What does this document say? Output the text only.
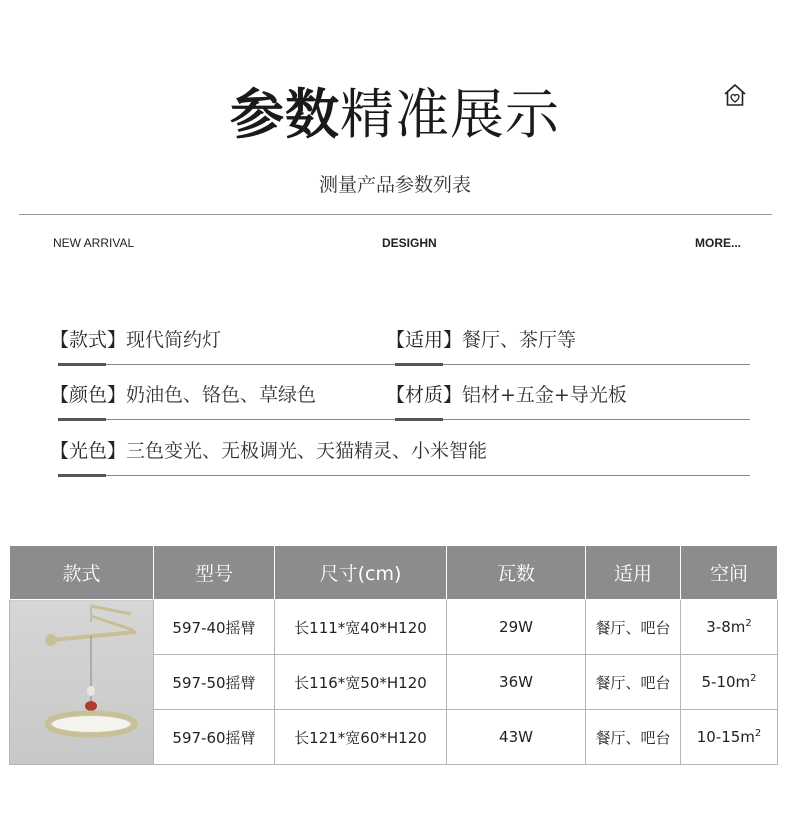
参数精准展示
测量产品参数列表
NEW ARRIVAL	DESIGHN	MORE...
【款式】现代简约灯	【适用】餐厅、茶厅等
【颜色】奶油色、铬色、草绿色	【材质】铝材+五金+导光板
【光色】三色变光、无极调光、天猫精灵、小米智能
款式	型号	尺寸(cm)	瓦数	适用	空间
	597-40摇臂	长111*宽40*H120	29W	餐厅、吧台	$3-8m^2$
	597-50摇臂	长116*宽50*H120	36W	餐厅、吧台	$5-10m^2$
	597-60摇臂	长121*宽60*H120	43W	餐厅、吧台	$10-15m^2$
